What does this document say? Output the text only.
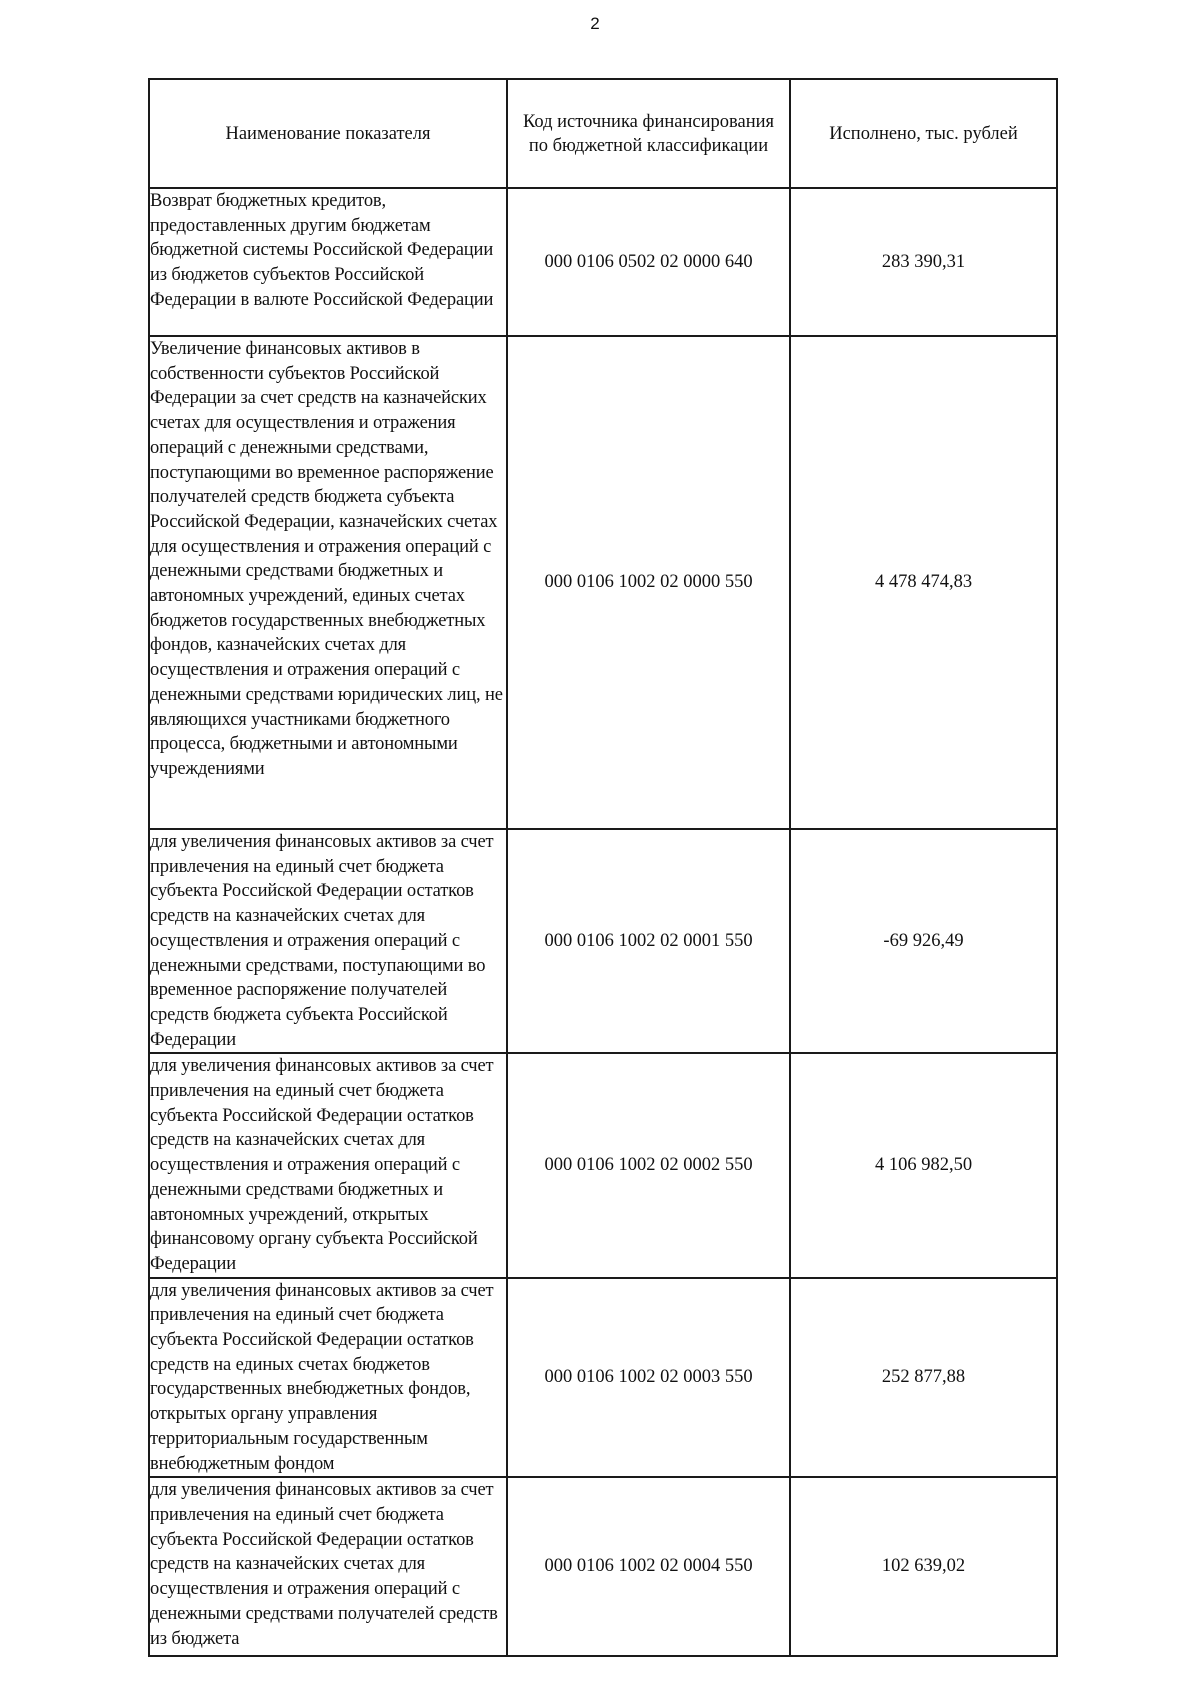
2
Наименование показателя	Код источника финансирования по бюджетной классификации	Исполнено, тыс. рублей
Возврат бюджетных кредитов, предоставленных другим бюджетам бюджетной системы Российской Федерации из бюджетов субъектов Российской Федерации в валюте Российской Федерации	000 0106 0502 02 0000 640	283 390,31
Увеличение финансовых активов в собственности субъектов Российской Федерации за счет средств на казначейских счетах для осуществления и отражения операций с денежными средствами, поступающими во временное распоряжение получателей средств бюджета субъекта Российской Федерации, казначейских счетах для осуществления и отражения операций с денежными средствами бюджетных и автономных учреждений, единых счетах бюджетов государственных внебюджетных фондов, казначейских счетах для осуществления и отражения операций с денежными средствами юридических лиц, не являющихся участниками бюджетного процесса, бюджетными и автономными учреждениями	000 0106 1002 02 0000 550	4 478 474,83
для увеличения финансовых активов за счет привлечения на единый счет бюджета субъекта Российской Федерации остатков средств на казначейских счетах для осуществления и отражения операций с денежными средствами, поступающими во временное распоряжение получателей средств бюджета субъекта Российской Федерации	000 0106 1002 02 0001 550	-69 926,49
для увеличения финансовых активов за счет привлечения на единый счет бюджета субъекта Российской Федерации остатков средств на казначейских счетах для осуществления и отражения операций с денежными средствами бюджетных и автономных учреждений, открытых финансовому органу субъекта Российской Федерации	000 0106 1002 02 0002 550	4 106 982,50
для увеличения финансовых активов за счет привлечения на единый счет бюджета субъекта Российской Федерации остатков средств на единых счетах бюджетов государственных внебюджетных фондов, открытых органу управления территориальным государственным внебюджетным фондом	000 0106 1002 02 0003 550	252 877,88
для увеличения финансовых активов за счет привлечения на единый счет бюджета субъекта Российской Федерации остатков средств на казначейских счетах для осуществления и отражения операций с денежными средствами получателей средств из бюджета	000 0106 1002 02 0004 550	102 639,02
